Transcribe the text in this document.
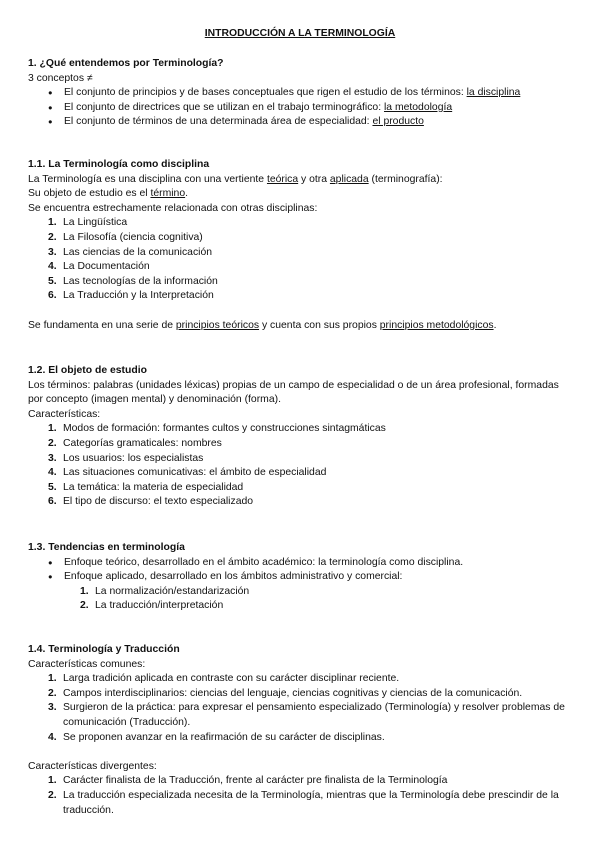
INTRODUCCIÓN A LA TERMINOLOGÍA
1. ¿Qué entendemos por Terminología?

3 conceptos ≠

● El conjunto de principios y de bases conceptuales que rigen el estudio de los términos: la disciplina
● El conjunto de directrices que se utilizan en el trabajo terminográfico: la metodología
● El conjunto de términos de una determinada área de especialidad: el producto
1.1. La Terminología como disciplina

La Terminología es una disciplina con una vertiente teórica y otra aplicada (terminografía):

Su objeto de estudio es el término.

Se encuentra estrechamente relacionada con otras disciplinas:

1. La Lingüística
2. La Filosofía (ciencia cognitiva)
3. Las ciencias de la comunicación
4. La Documentación
5. Las tecnologías de la información
6. La Traducción y la Interpretación

Se fundamenta en una serie de principios teóricos y cuenta con sus propios principios metodológicos.

1.2. El objeto de estudio

Los términos: palabras (unidades léxicas) propias de un campo de especialidad o de un área profesional, formadas por concepto (imagen mental) y denominación (forma).

Características:

1. Modos de formación: formantes cultos y construcciones sintagmáticas
2. Categorías gramaticales: nombres
3. Los usuarios: los especialistas
4. Las situaciones comunicativas: el ámbito de especialidad
5. La temática: la materia de especialidad
6. El tipo de discurso: el texto especializado
1.3. Tendencias en terminología
● Enfoque teórico, desarrollado en el ámbito académico: la terminología como disciplina.
● Enfoque aplicado, desarrollado en los ámbitos administrativo y comercial:
1. La normalización/estandarización
2. La traducción/interpretación
1.4. Terminología y Traducción

Características comunes:

1. Larga tradición aplicada en contraste con su carácter disciplinar reciente.
2. Campos interdisciplinarios: ciencias del lenguaje, ciencias cognitivas y ciencias de la comunicación.
3. Surgieron de la práctica: para expresar el pensamiento especializado (Terminología) y resolver problemas de comunicación (Traducción).
4. Se proponen avanzar en la reafirmación de su carácter de disciplinas.

Características divergentes:

1. Carácter finalista de la Traducción, frente al carácter pre finalista de la Terminología
2. La traducción especializada necesita de la Terminología, mientras que la Terminología debe prescindir de la traducción.
